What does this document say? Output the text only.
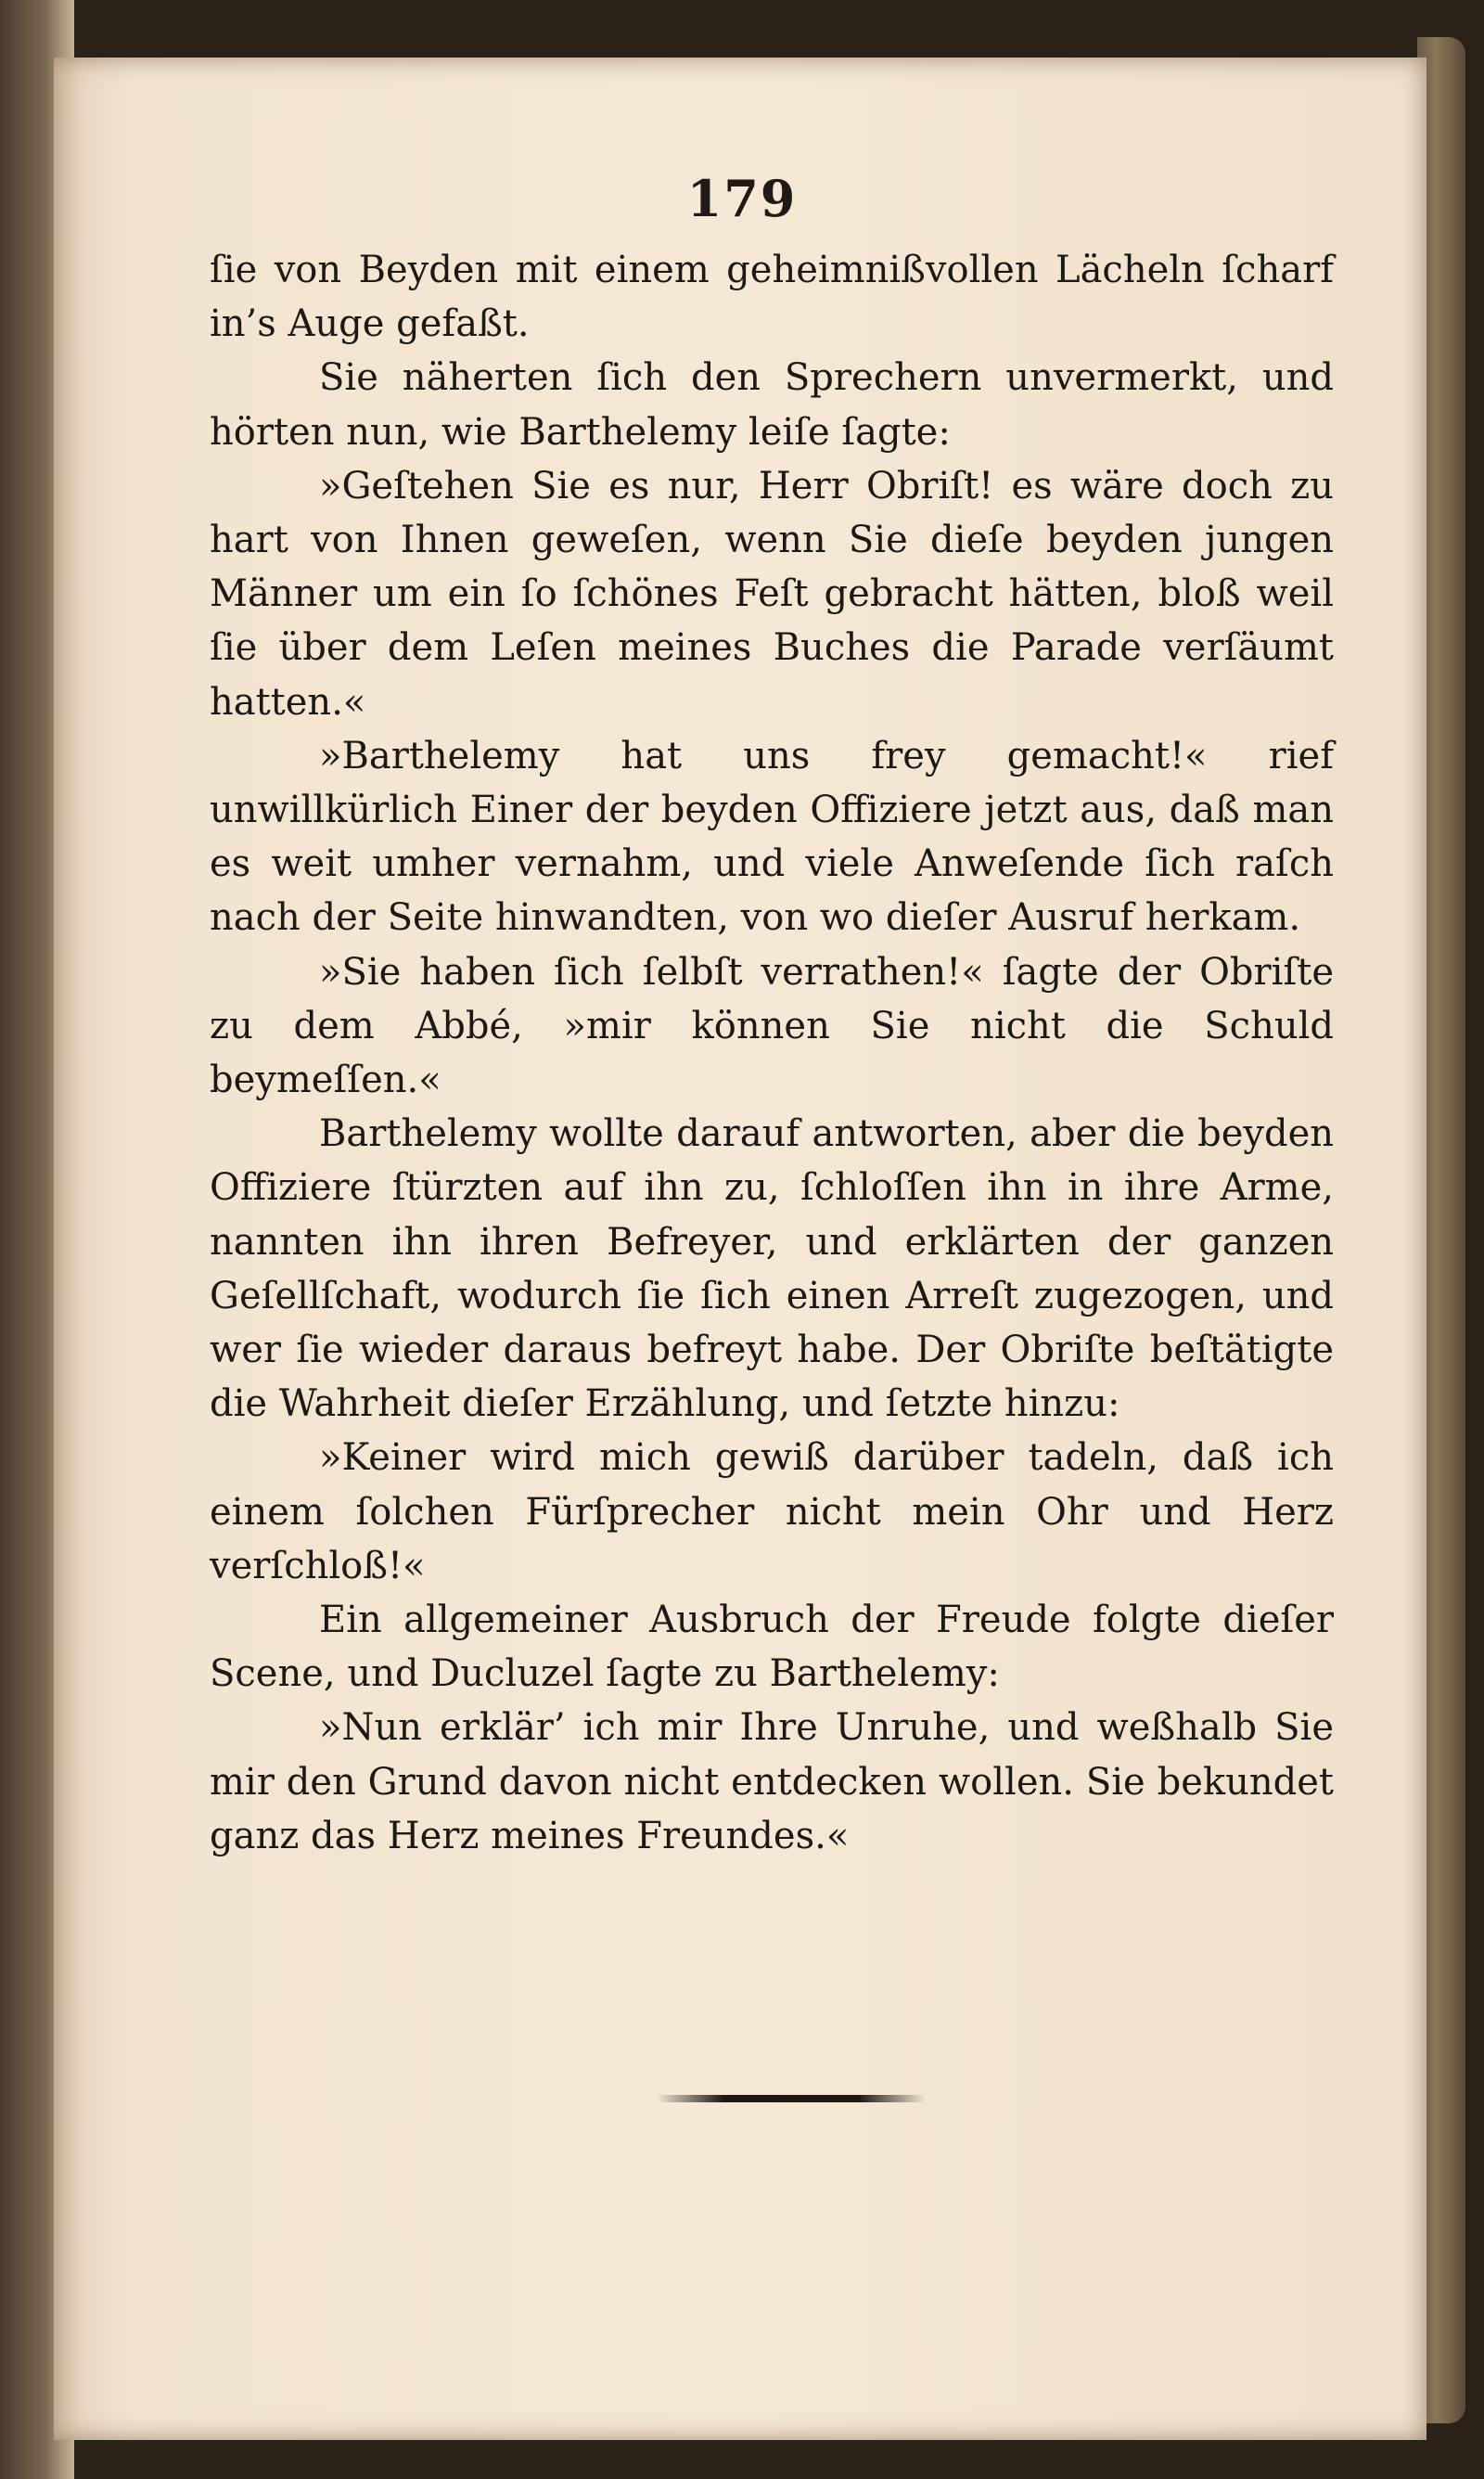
179

ſie von Beyden mit einem geheimnißvollen Lächeln ſcharf in’s Auge gefaßt.

Sie näherten ſich den Sprechern unvermerkt, und hörten nun, wie Barthelemy leiſe ſagte:

»Geſtehen Sie es nur, Herr Obriſt! es wäre doch zu hart von Ihnen geweſen, wenn Sie dieſe beyden jungen Männer um ein ſo ſchönes Feſt gebracht hätten, bloß weil ſie über dem Leſen meines Buches die Parade verſäumt hatten.«

»Barthelemy hat uns frey gemacht!« rief unwillkürlich Einer der beyden Offiziere jetzt aus, daß man es weit umher vernahm, und viele Anweſende ſich raſch nach der Seite hinwandten, von wo dieſer Ausruf herkam.

»Sie haben ſich ſelbſt verrathen!« ſagte der Obriſte zu dem Abbé, »mir können Sie nicht die Schuld beymeſſen.«

Barthelemy wollte darauf antworten, aber die beyden Offiziere ſtürzten auf ihn zu, ſchloſſen ihn in ihre Arme, nannten ihn ihren Befreyer, und erklärten der ganzen Geſellſchaft, wodurch ſie ſich einen Arreſt zugezogen, und wer ſie wieder daraus befreyt habe. Der Obriſte beſtätigte die Wahrheit dieſer Erzählung, und ſetzte hinzu:

»Keiner wird mich gewiß darüber tadeln, daß ich einem ſolchen Fürſprecher nicht mein Ohr und Herz verſchloß!«

Ein allgemeiner Ausbruch der Freude folgte dieſer Scene, und Ducluzel ſagte zu Barthelemy:

»Nun erklär’ ich mir Ihre Unruhe, und weßhalb Sie mir den Grund davon nicht entdecken wollen. Sie bekundet ganz das Herz meines Freundes.«
